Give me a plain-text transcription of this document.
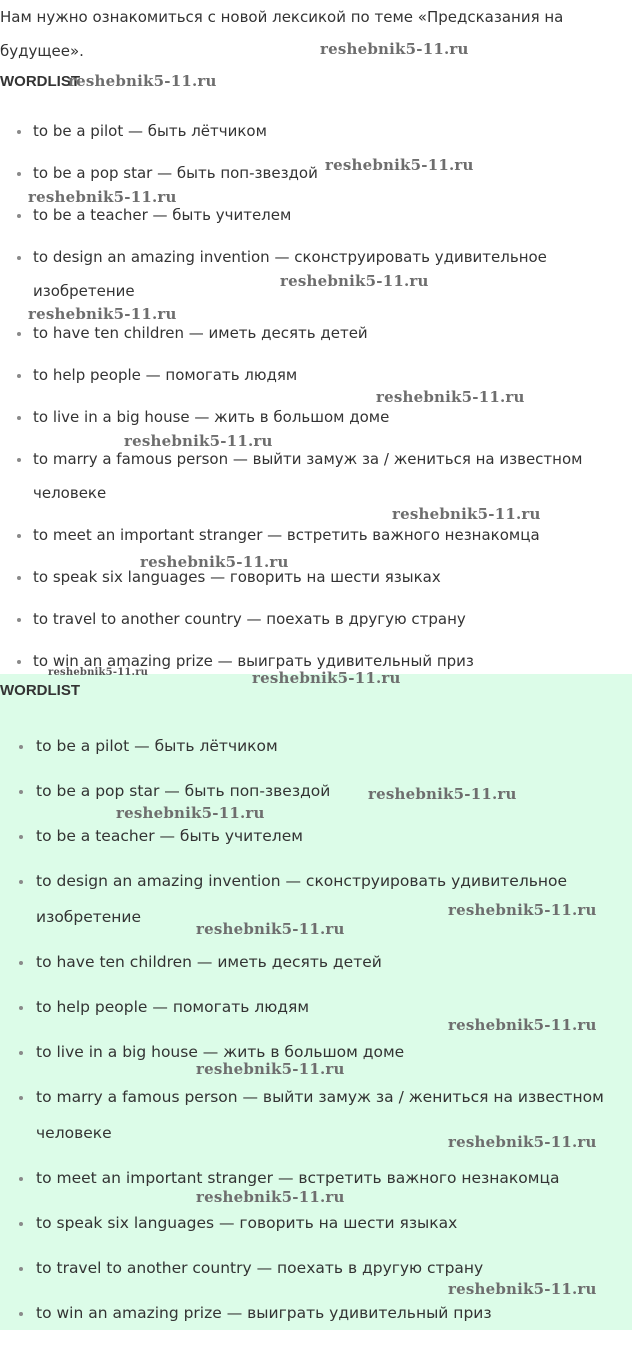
Нам нужно ознакомиться с новой лексикой по теме «Предсказания на будущее».

WORDLIST
to be a pilot — быть лётчиком
to be a pop star — быть поп-звездой
to be a teacher — быть учителем
to design an amazing invention — сконструировать удивительное изобретение
to have ten children — иметь десять детей
to help people — помогать людям
to live in a big house — жить в большом доме
to marry a famous person — выйти замуж за / жениться на известном человеке
to meet an important stranger — встретить важного незнакомца
to speak six languages — говорить на шести языках
to travel to another country — поехать в другую страну
to win an amazing prize — выиграть удивительный приз
WORDLIST
to be a pilot — быть лётчиком
to be a pop star — быть поп-звездой
to be a teacher — быть учителем
to design an amazing invention — сконструировать удивительное изобретение
to have ten children — иметь десять детей
to help people — помогать людям
to live in a big house — жить в большом доме
to marry a famous person — выйти замуж за / жениться на известном человеке
to meet an important stranger — встретить важного незнакомца
to speak six languages — говорить на шести языках
to travel to another country — поехать в другую страну
to win an amazing prize — выиграть удивительный приз
reshebnik5-11.ru
reshebnik5-11.ru
reshebnik5-11.ru
reshebnik5-11.ru
reshebnik5-11.ru
reshebnik5-11.ru
reshebnik5-11.ru
reshebnik5-11.ru
reshebnik5-11.ru
reshebnik5-11.ru
reshebnik5-11.ru	reshebnik5-11.ru
reshebnik5-11.ru
reshebnik5-11.ru
reshebnik5-11.ru
reshebnik5-11.ru
reshebnik5-11.ru
reshebnik5-11.ru
reshebnik5-11.ru
reshebnik5-11.ru
reshebnik5-11.ru
